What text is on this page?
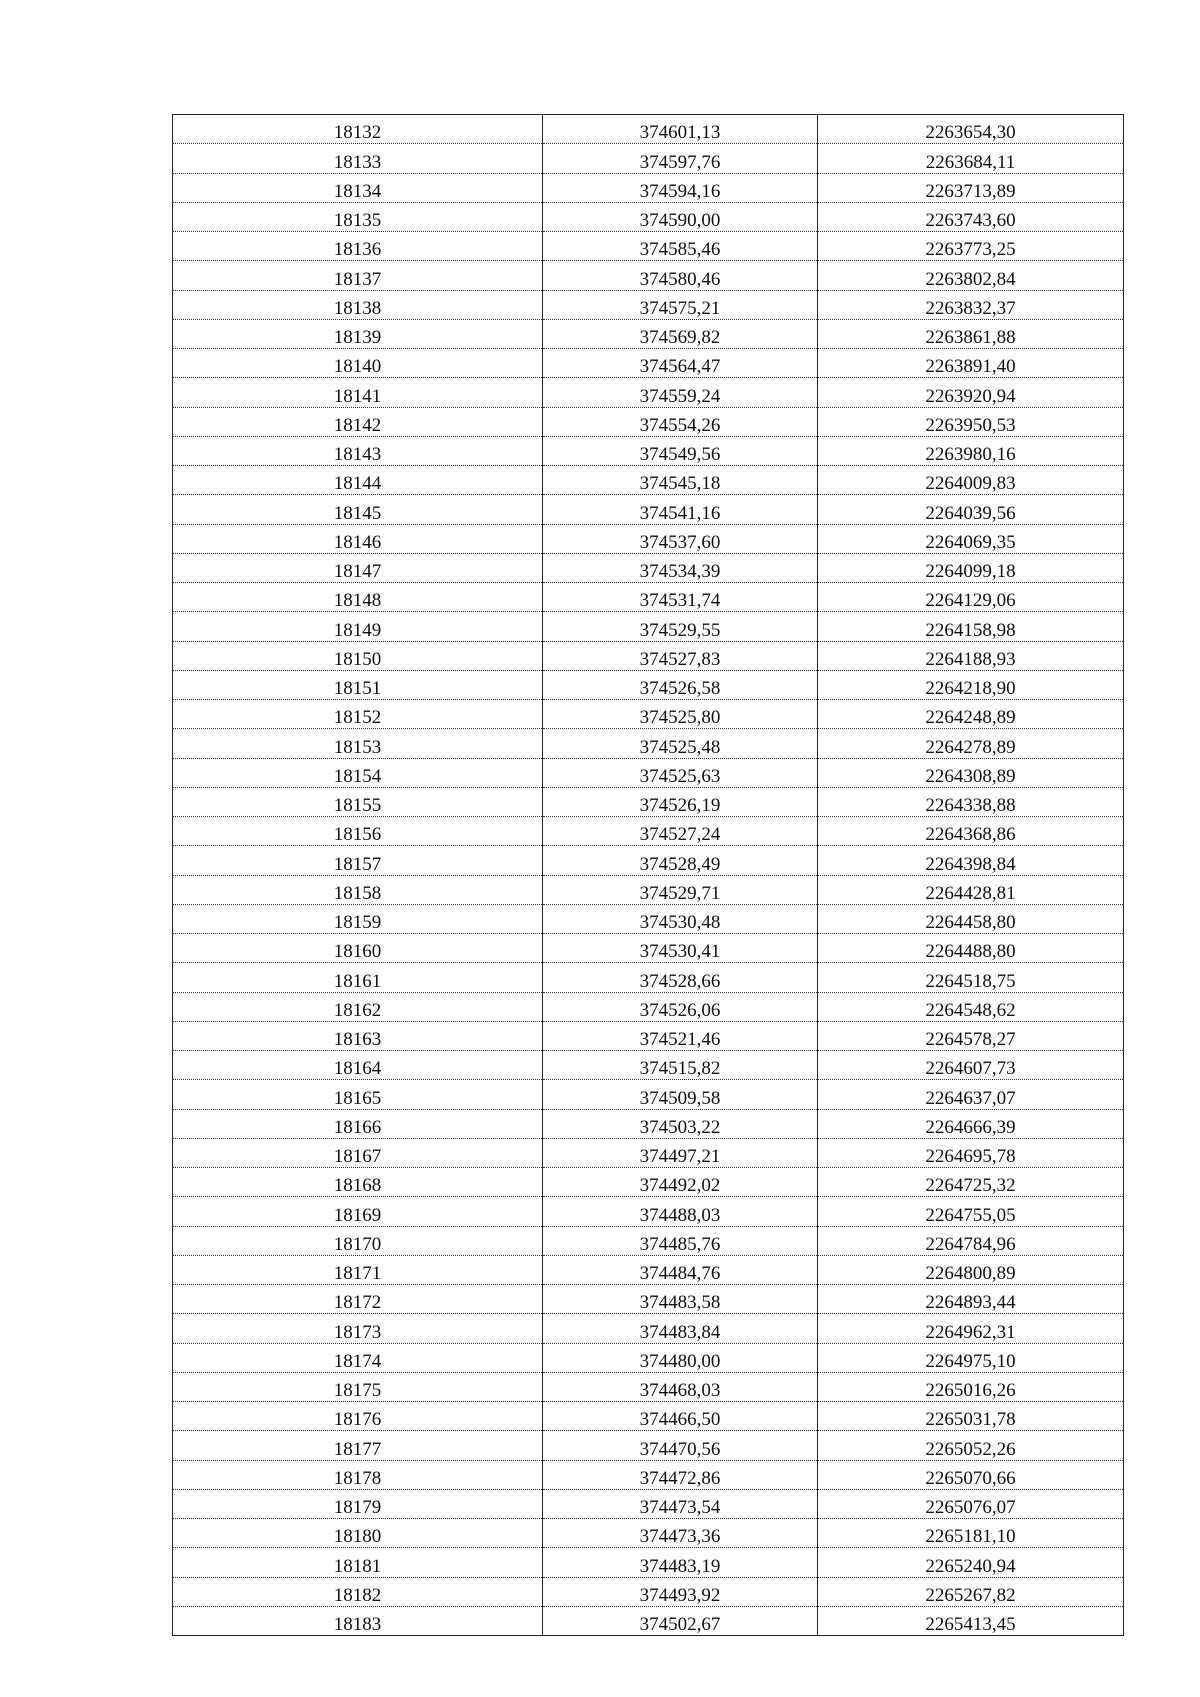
18132	374601,13	2263654,30
18133	374597,76	2263684,11
18134	374594,16	2263713,89
18135	374590,00	2263743,60
18136	374585,46	2263773,25
18137	374580,46	2263802,84
18138	374575,21	2263832,37
18139	374569,82	2263861,88
18140	374564,47	2263891,40
18141	374559,24	2263920,94
18142	374554,26	2263950,53
18143	374549,56	2263980,16
18144	374545,18	2264009,83
18145	374541,16	2264039,56
18146	374537,60	2264069,35
18147	374534,39	2264099,18
18148	374531,74	2264129,06
18149	374529,55	2264158,98
18150	374527,83	2264188,93
18151	374526,58	2264218,90
18152	374525,80	2264248,89
18153	374525,48	2264278,89
18154	374525,63	2264308,89
18155	374526,19	2264338,88
18156	374527,24	2264368,86
18157	374528,49	2264398,84
18158	374529,71	2264428,81
18159	374530,48	2264458,80
18160	374530,41	2264488,80
18161	374528,66	2264518,75
18162	374526,06	2264548,62
18163	374521,46	2264578,27
18164	374515,82	2264607,73
18165	374509,58	2264637,07
18166	374503,22	2264666,39
18167	374497,21	2264695,78
18168	374492,02	2264725,32
18169	374488,03	2264755,05
18170	374485,76	2264784,96
18171	374484,76	2264800,89
18172	374483,58	2264893,44
18173	374483,84	2264962,31
18174	374480,00	2264975,10
18175	374468,03	2265016,26
18176	374466,50	2265031,78
18177	374470,56	2265052,26
18178	374472,86	2265070,66
18179	374473,54	2265076,07
18180	374473,36	2265181,10
18181	374483,19	2265240,94
18182	374493,92	2265267,82
18183	374502,67	2265413,45
